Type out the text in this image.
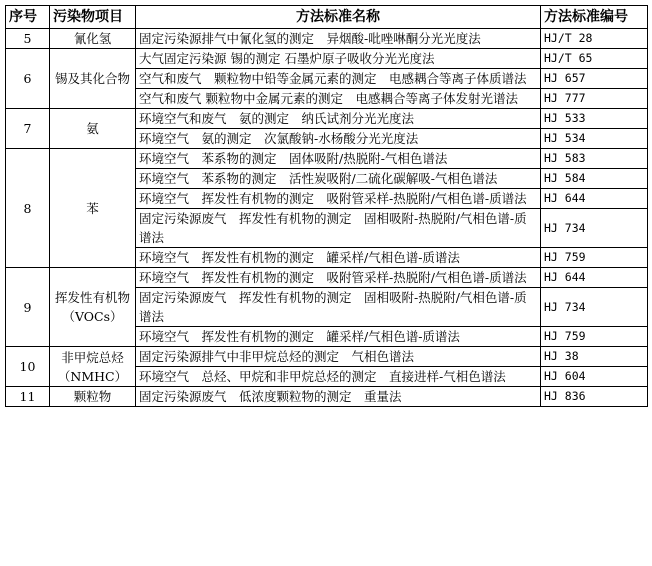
序号	污染物项目	方法标准名称	方法标准编号
5	氰化氢	固定污染源排气中氰化氢的测定　异烟酸-吡唑啉酮分光光度法	HJ/T 28
6	锡及其化合物	大气固定污染源 锡的测定 石墨炉原子吸收分光光度法	HJ/T 65
		空气和废气　颗粒物中铅等金属元素的测定　电感耦合等离子体质谱法	HJ 657
		空气和废气 颗粒物中金属元素的测定　电感耦合等离子体发射光谱法	HJ 777
7	氨	环境空气和废气　氨的测定　纳氏试剂分光光度法	HJ 533
		环境空气　氨的测定　次氯酸钠-水杨酸分光光度法	HJ 534
8	苯	环境空气　苯系物的测定　固体吸附/热脱附-气相色谱法	HJ 583
		环境空气　苯系物的测定　活性炭吸附/二硫化碳解吸-气相色谱法	HJ 584
		环境空气　挥发性有机物的测定　吸附管采样-热脱附/气相色谱-质谱法	HJ 644
		固定污染源废气　挥发性有机物的测定　固相吸附-热脱附/气相色谱-质谱法	HJ 734
		环境空气　挥发性有机物的测定　罐采样/气相色谱-质谱法	HJ 759
9	挥发性有机物（VOCs）	环境空气　挥发性有机物的测定　吸附管采样-热脱附/气相色谱-质谱法	HJ 644
		固定污染源废气　挥发性有机物的测定　固相吸附-热脱附/气相色谱-质谱法	HJ 734
		环境空气　挥发性有机物的测定　罐采样/气相色谱-质谱法	HJ 759
10	非甲烷总烃（NMHC）	固定污染源排气中非甲烷总烃的测定　气相色谱法	HJ 38
		环境空气　总烃、甲烷和非甲烷总烃的测定　直接进样-气相色谱法	HJ 604
11	颗粒物	固定污染源废气　低浓度颗粒物的测定　重量法	HJ 836
